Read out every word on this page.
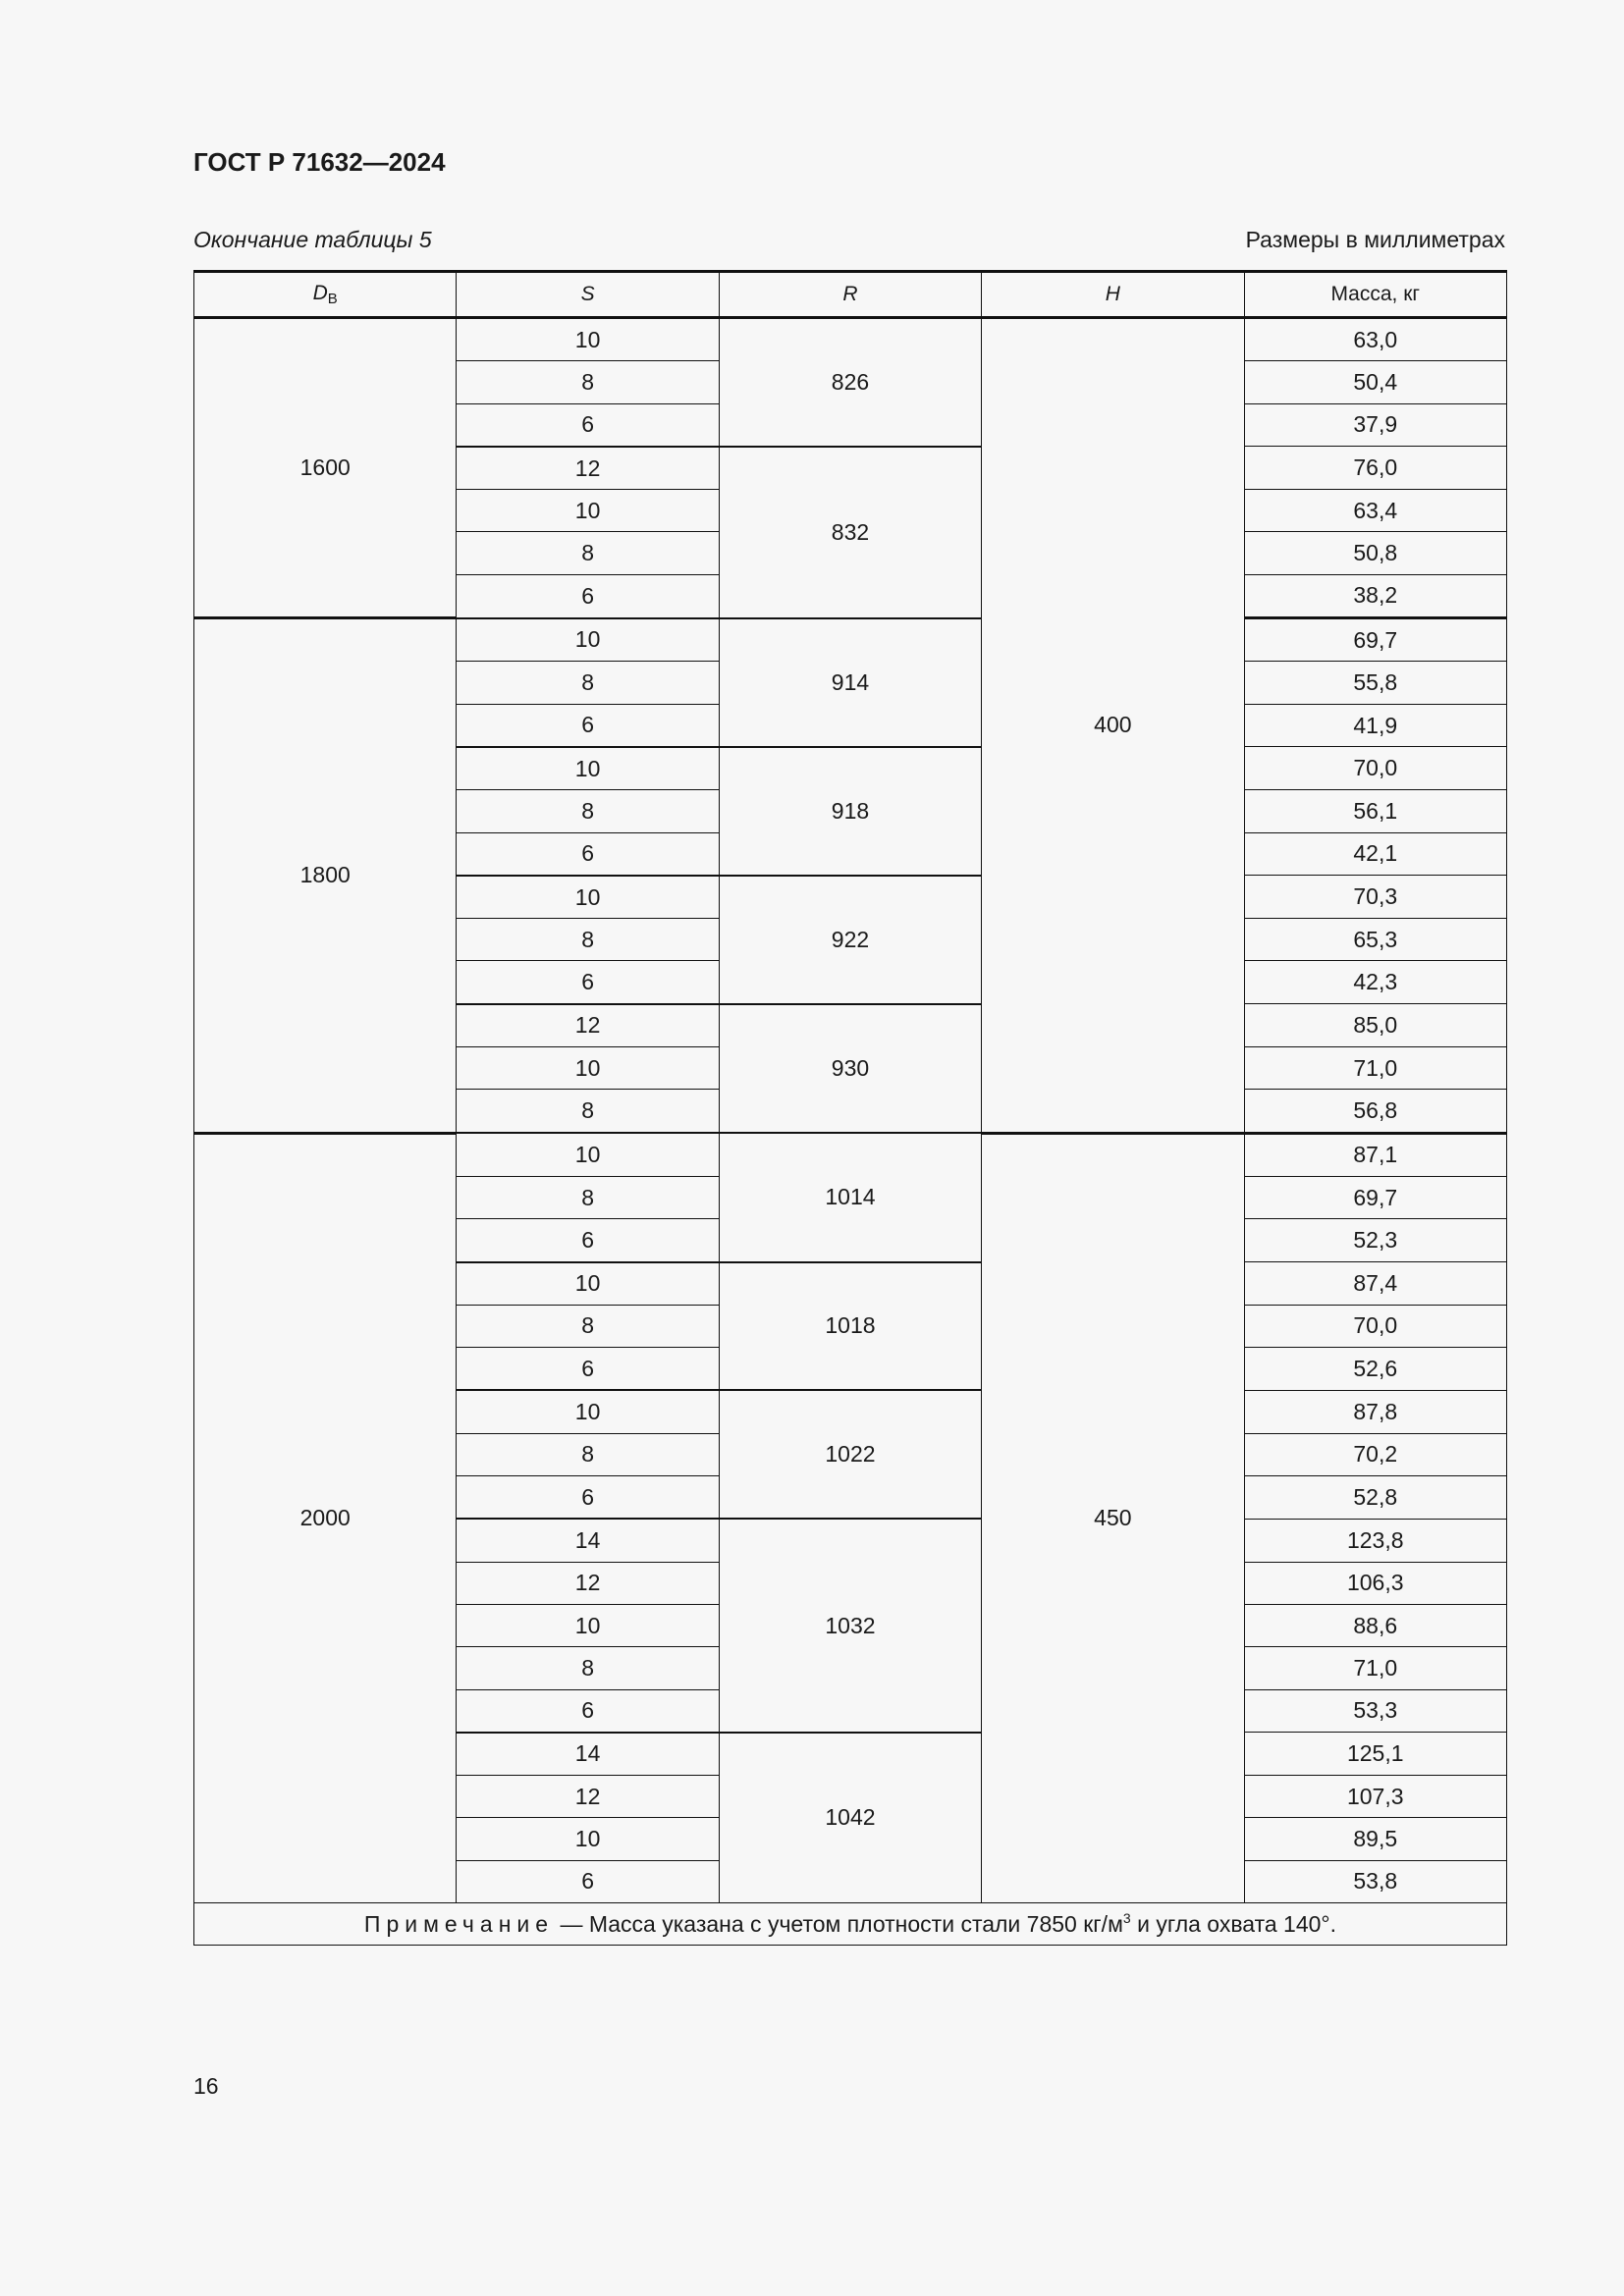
ГОСТ Р 71632—2024
Окончание таблицы 5	Размеры в миллиметрах
DВ	S	R	H	Масса, кг
1600	10	826	400	63,0
	8			50,4
	6			37,9
	12	832		76,0
	10			63,4
	8			50,8
	6			38,2
1800	10	914		69,7
	8			55,8
	6			41,9
	10	918		70,0
	8			56,1
	6			42,1
	10	922		70,3
	8			65,3
	6			42,3
	12	930		85,0
	10			71,0
	8			56,8
2000	10	1014	450	87,1
	8			69,7
	6			52,3
	10	1018		87,4
	8			70,0
	6			52,6
	10	1022		87,8
	8			70,2
	6			52,8
	14	1032		123,8
	12			106,3
	10			88,6
	8			71,0
	6			53,3
	14	1042		125,1
	12			107,3
	10			89,5
	6			53,8
Примечание — Масса указана с учетом плотности стали 7850 $кг/м^3$ и угла охвата 140°.				
16
